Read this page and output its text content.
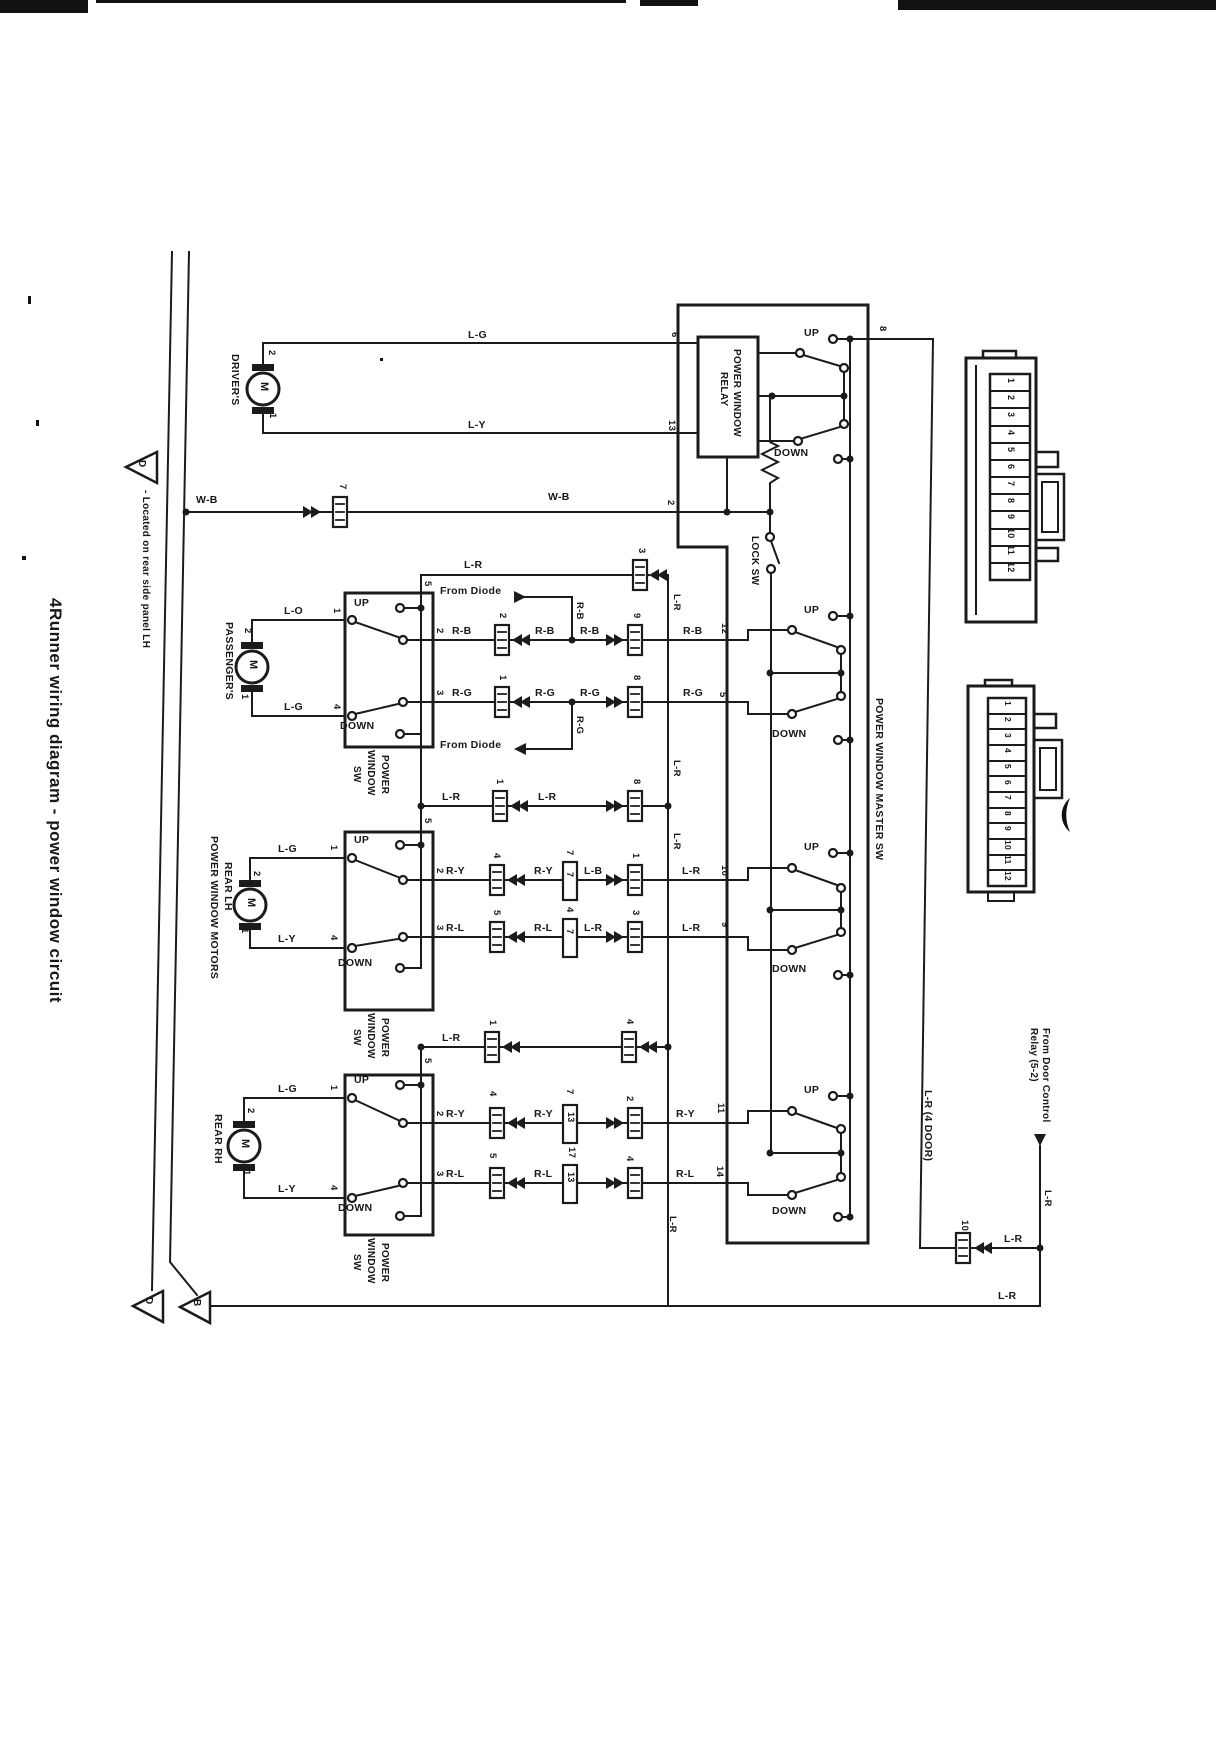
4Runner wiring diagram - power window circuit
D
- Located on rear side panel LH
DRIVER'S
2
1
M
PASSENGER'S M
2
1
REAR LH
POWER WINDOW MOTORS M
2
1
REAR RH M
2
1
1
4
5
2
3
1
4
5
2
3
1
4
5
2
3
7
2	9
1	8
3
1	8
4
7
1
5
4
3
1	4
4	7
2
5	17
4
7
7
13
13
10
6
13
2
12
5
10
9
11
14
8
L-R
L-R
L-R
L-R
L-R (4 DOOR)
From Door Control
Relay (5-2)
L-R
R-B
R-G	POWER WINDOW MASTER SW
LOCK SW
POWER WINDOW
RELAY
POWER
WINDOW
SW
POWER
WINDOW
SW
POWER
WINDOW
SW
D	B
1
2
3
4
5
6
7
8
9
10
11
12
1
2
3
4
5
6
7
8
9
10
11
12
L-G
L-Y
W-B	W-B
L-R
From Diode
From Diode
R-B	R-B R-B	R-B
R-G	R-G R-G	R-G
L-O
L-G
L-G
L-Y
L-R	L-R
R-Y	R-Y	L-B	L-R
R-L	R-L	L-R	L-R
L-G
L-Y
L-R
R-Y	R-Y	R-Y
R-L	R-L	R-L
UP
DOWN
UP
DOWN
UP
DOWN
UP
DOWN
UP
DOWN
UP
DOWN
UP
DOWN
L-R
L-R
